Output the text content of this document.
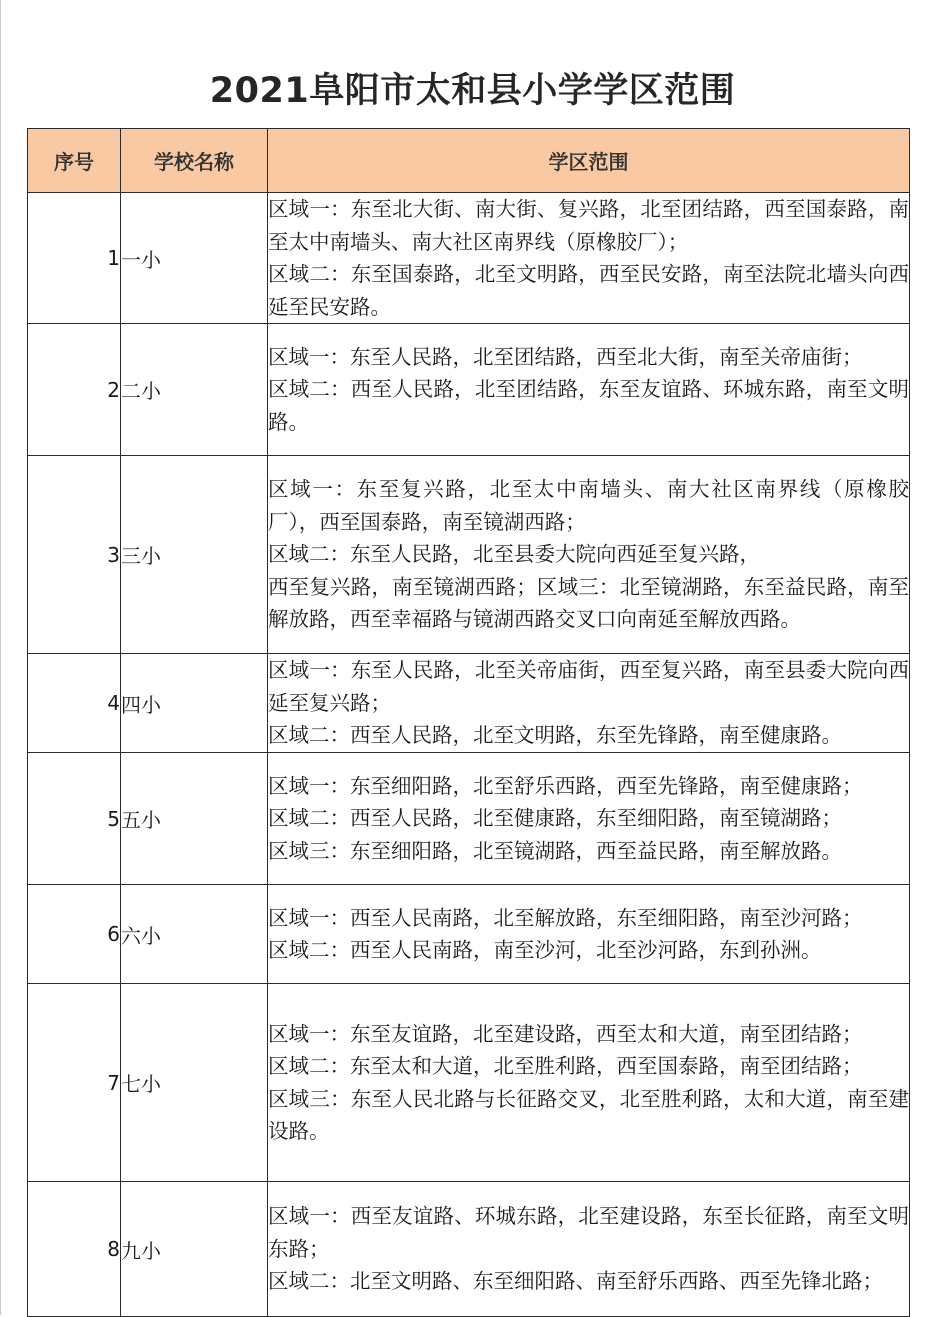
2021阜阳市太和县小学学区范围
序号	学校名称	学区范围
1	一小	区域一：东至北大街、南大街、复兴路，北至团结路，西至国泰路，南至太中南墙头、南大社区南界线（原橡胶厂）；
区域二：东至国泰路，北至文明路，西至民安路，南至法院北墙头向西延至民安路。

2	二小	区域一：东至人民路，北至团结路，西至北大街，南至关帝庙街；
区域二：西至人民路，北至团结路，东至友谊路、环城东路，南至文明路。

3	三小	区域一：东至复兴路，北至太中南墙头、南大社区南界线（原橡胶厂），西至国泰路，南至镜湖西路；
区域二：东至人民路，北至县委大院向西延至复兴路，
西至复兴路，南至镜湖西路；区域三：北至镜湖路，东至益民路，南至解放路，西至幸福路与镜湖西路交叉口向南延至解放西路。

4	四小	区域一：东至人民路，北至关帝庙街，西至复兴路，南至县委大院向西延至复兴路；
区域二：西至人民路，北至文明路，东至先锋路，南至健康路。

5	五小	区域一：东至细阳路，北至舒乐西路，西至先锋路，南至健康路；
区域二：西至人民路，北至健康路，东至细阳路，南至镜湖路；
区域三：东至细阳路，北至镜湖路，西至益民路，南至解放路。

6	六小	区域一：西至人民南路，北至解放路，东至细阳路，南至沙河路；
区域二：西至人民南路，南至沙河，北至沙河路，东到孙洲。

7	七小	区域一：东至友谊路，北至建设路，西至太和大道，南至团结路；
区域二：东至太和大道，北至胜利路，西至国泰路，南至团结路；
区域三：东至人民北路与长征路交叉，北至胜利路，太和大道，南至建设路。

8	九小	区域一：西至友谊路、环城东路，北至建设路，东至长征路，南至文明东路；
区域二：北至文明路、东至细阳路、南至舒乐西路、西至先锋北路；
